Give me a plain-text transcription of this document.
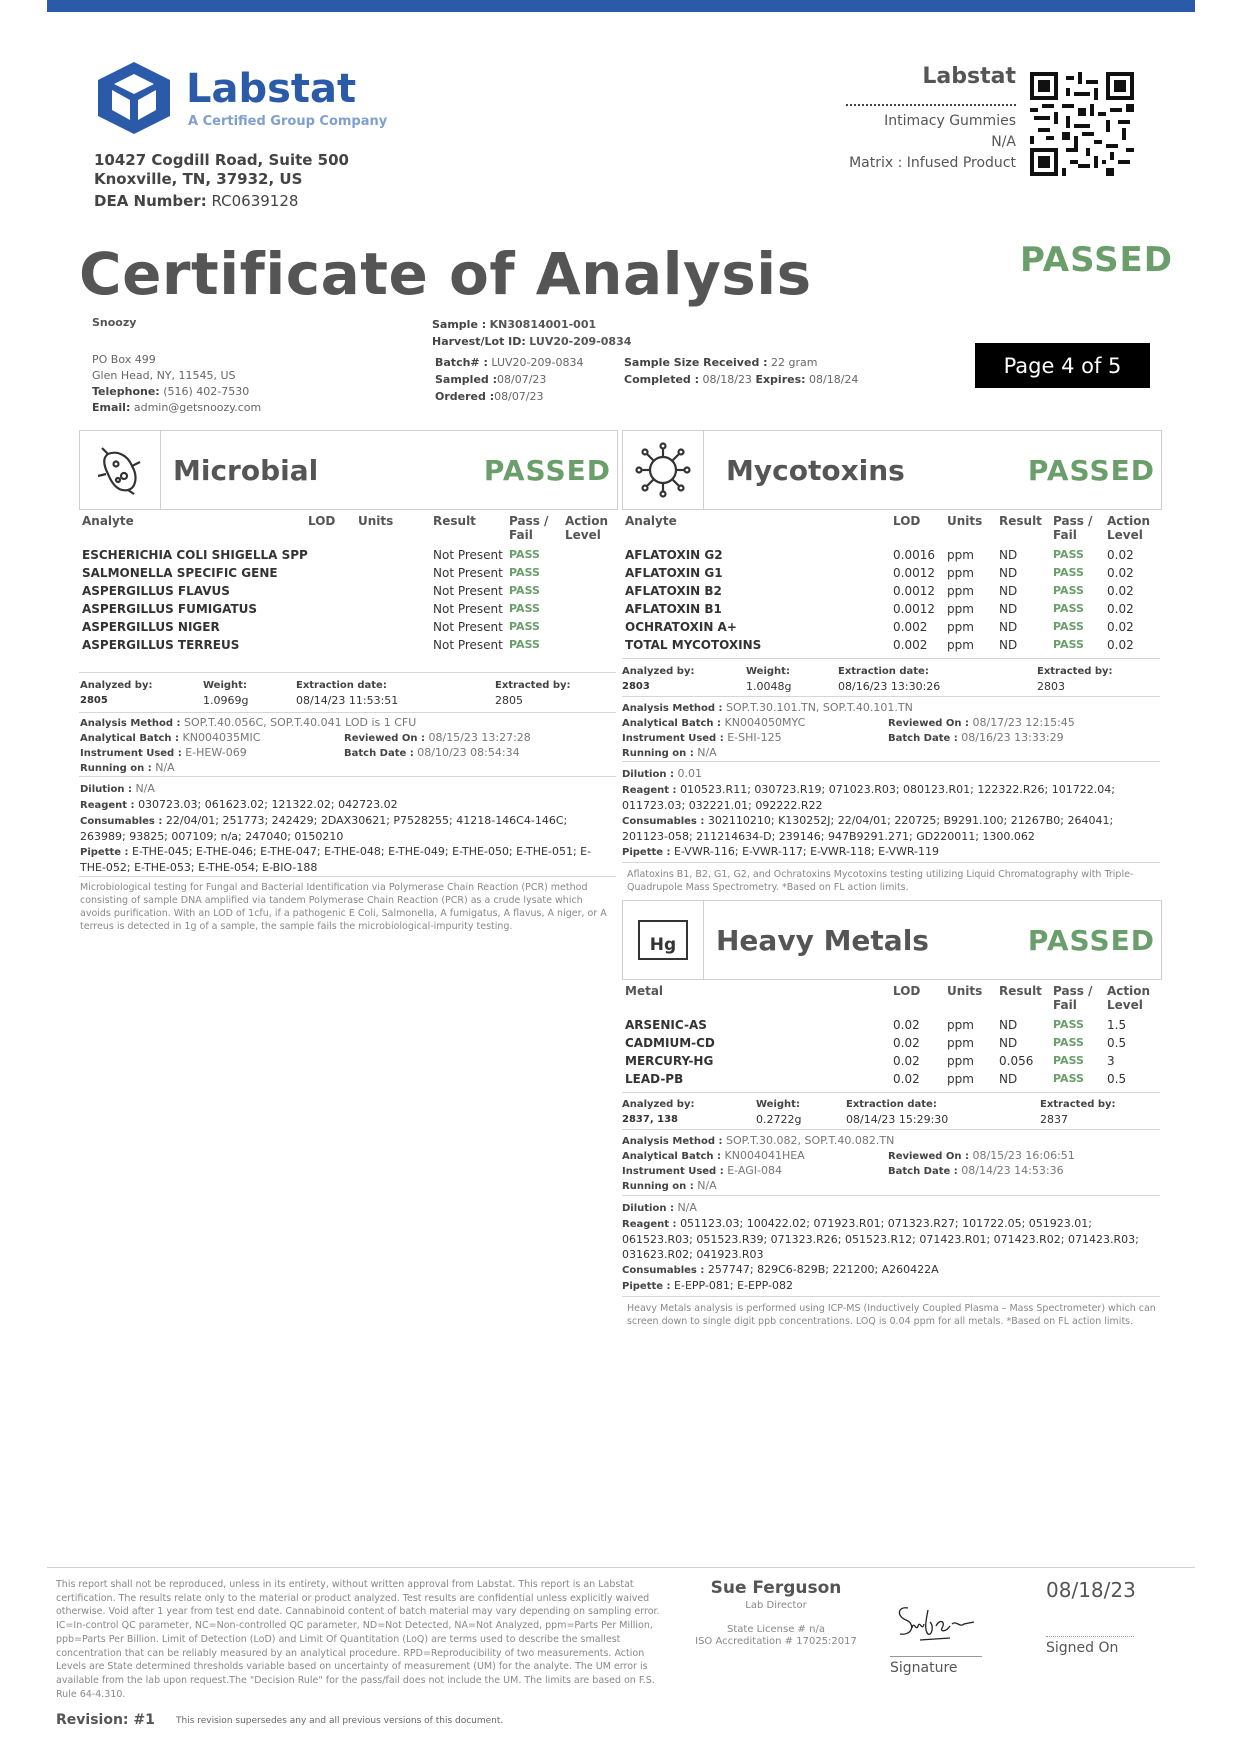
Labstat
A Certified Group Company
10427 Cogdill Road, Suite 500
Knoxville, TN, 37932, US
DEA Number: RC0639128
Labstat
Intimacy Gummies
N/A
Matrix : Infused Product
Certificate of Analysis	PASSED
Snoozy
PO Box 499
Glen Head, NY, 11545, US
Telephone: (516) 402-7530
Email: admin@getsnoozy.com
Sample : KN30814001-001
Harvest/Lot ID: LUV20-209-0834
Batch# : LUV20-209-0834
Sampled :08/07/23
Ordered :08/07/23
Sample Size Received : 22 gram
Completed : 08/18/23 Expires: 08/18/24
Page 4 of 5
Microbial	PASSED
Analyte	LOD	Units	Result	Pass / Fail	Action Level
ESCHERICHIA COLI SHIGELLA SPP			Not Present	PASS	
SALMONELLA SPECIFIC GENE			Not Present	PASS	
ASPERGILLUS FLAVUS			Not Present	PASS	
ASPERGILLUS FUMIGATUS			Not Present	PASS	
ASPERGILLUS NIGER			Not Present	PASS	
ASPERGILLUS TERREUS			Not Present	PASS	
Analyzed by:
2805
Weight:
1.0969g
Extraction date:
08/14/23 11:53:51
Extracted by:
2805
Analysis Method : SOP.T.40.056C, SOP.T.40.041 LOD is 1 CFU
Analytical Batch : KN004035MIC	Reviewed On : 08/15/23 13:27:28
Instrument Used : E-HEW-069	Batch Date : 08/10/23 08:54:34
Running on : N/A
Dilution : N/A
Reagent : 030723.03; 061623.02; 121322.02; 042723.02
Consumables : 22/04/01; 251773; 242429; 2DAX30621; P7528255; 41218-146C4-146C; 263989; 93825; 007109; n/a; 247040; 0150210
Pipette : E-THE-045; E-THE-046; E-THE-047; E-THE-048; E-THE-049; E-THE-050; E-THE-051; E-THE-052; E-THE-053; E-THE-054; E-BIO-188
Microbiological testing for Fungal and Bacterial Identification via Polymerase Chain Reaction (PCR) method consisting of sample DNA amplified via tandem Polymerase Chain Reaction (PCR) as a crude lysate which avoids purification. With an LOD of 1cfu, if a pathogenic E Coli, Salmonella, A fumigatus, A flavus, A niger, or A terreus is detected in 1g of a sample, the sample fails the microbiological-impurity testing.
Mycotoxins	PASSED
Analyte	LOD	Units	Result	Pass / Fail	Action Level
AFLATOXIN G2	0.0016	ppm	ND	PASS	0.02
AFLATOXIN G1	0.0012	ppm	ND	PASS	0.02
AFLATOXIN B2	0.0012	ppm	ND	PASS	0.02
AFLATOXIN B1	0.0012	ppm	ND	PASS	0.02
OCHRATOXIN A+	0.002	ppm	ND	PASS	0.02
TOTAL MYCOTOXINS	0.002	ppm	ND	PASS	0.02
Analyzed by:
2803
Weight:
1.0048g
Extraction date:
08/16/23 13:30:26
Extracted by:
2803
Analysis Method : SOP.T.30.101.TN, SOP.T.40.101.TN
Analytical Batch : KN004050MYC	Reviewed On : 08/17/23 12:15:45
Instrument Used : E-SHI-125	Batch Date : 08/16/23 13:33:29
Running on : N/A
Dilution : 0.01
Reagent : 010523.R11; 030723.R19; 071023.R03; 080123.R01; 122322.R26; 101722.04; 011723.03; 032221.01; 092222.R22
Consumables : 302110210; K130252J; 22/04/01; 220725; B9291.100; 21267B0; 264041; 201123-058; 211214634-D; 239146; 947B9291.271; GD220011; 1300.062
Pipette : E-VWR-116; E-VWR-117; E-VWR-118; E-VWR-119
Aflatoxins B1, B2, G1, G2, and Ochratoxins Mycotoxins testing utilizing Liquid Chromatography with Triple-Quadrupole Mass Spectrometry. *Based on FL action limits.
Hg	Heavy Metals	PASSED
Metal	LOD	Units	Result	Pass / Fail	Action Level
ARSENIC-AS	0.02	ppm	ND	PASS	1.5
CADMIUM-CD	0.02	ppm	ND	PASS	0.5
MERCURY-HG	0.02	ppm	0.056	PASS	3
LEAD-PB	0.02	ppm	ND	PASS	0.5
Analyzed by:
2837, 138
Weight:
0.2722g
Extraction date:
08/14/23 15:29:30
Extracted by:
2837
Analysis Method : SOP.T.30.082, SOP.T.40.082.TN
Analytical Batch : KN004041HEA	Reviewed On : 08/15/23 16:06:51
Instrument Used : E-AGI-084	Batch Date : 08/14/23 14:53:36
Running on : N/A
Dilution : N/A
Reagent : 051123.03; 100422.02; 071923.R01; 071323.R27; 101722.05; 051923.01; 061523.R03; 051523.R39; 071323.R26; 051523.R12; 071423.R01; 071423.R02; 071423.R03; 031623.R02; 041923.R03
Consumables : 257747; 829C6-829B; 221200; A260422A
Pipette : E-EPP-081; E-EPP-082
Heavy Metals analysis is performed using ICP-MS (Inductively Coupled Plasma – Mass Spectrometer) which can screen down to single digit ppb concentrations. LOQ is 0.04 ppm for all metals. *Based on FL action limits.
This report shall not be reproduced, unless in its entirety, without written approval from Labstat. This report is an Labstat certification. The results relate only to the material or product analyzed. Test results are confidential unless explicitly waived otherwise. Void after 1 year from test end date. Cannabinoid content of batch material may vary depending on sampling error. IC=In-control QC parameter, NC=Non-controlled QC parameter, ND=Not Detected, NA=Not Analyzed, ppm=Parts Per Million, ppb=Parts Per Billion. Limit of Detection (LoD) and Limit Of Quantitation (LoQ) are terms used to describe the smallest concentration that can be reliably measured by an analytical procedure. RPD=Reproducibility of two measurements. Action Levels are State determined thresholds variable based on uncertainty of measurement (UM) for the analyte. The UM error is available from the lab upon request.The "Decision Rule" for the pass/fail does not include the UM. The limits are based on F.S. Rule 64-4.310.
Sue Ferguson
Lab Director
State License # n/a
ISO Accreditation # 17025:2017
Signature
08/18/23
Signed On
Revision: #1 This revision supersedes any and all previous versions of this document.
